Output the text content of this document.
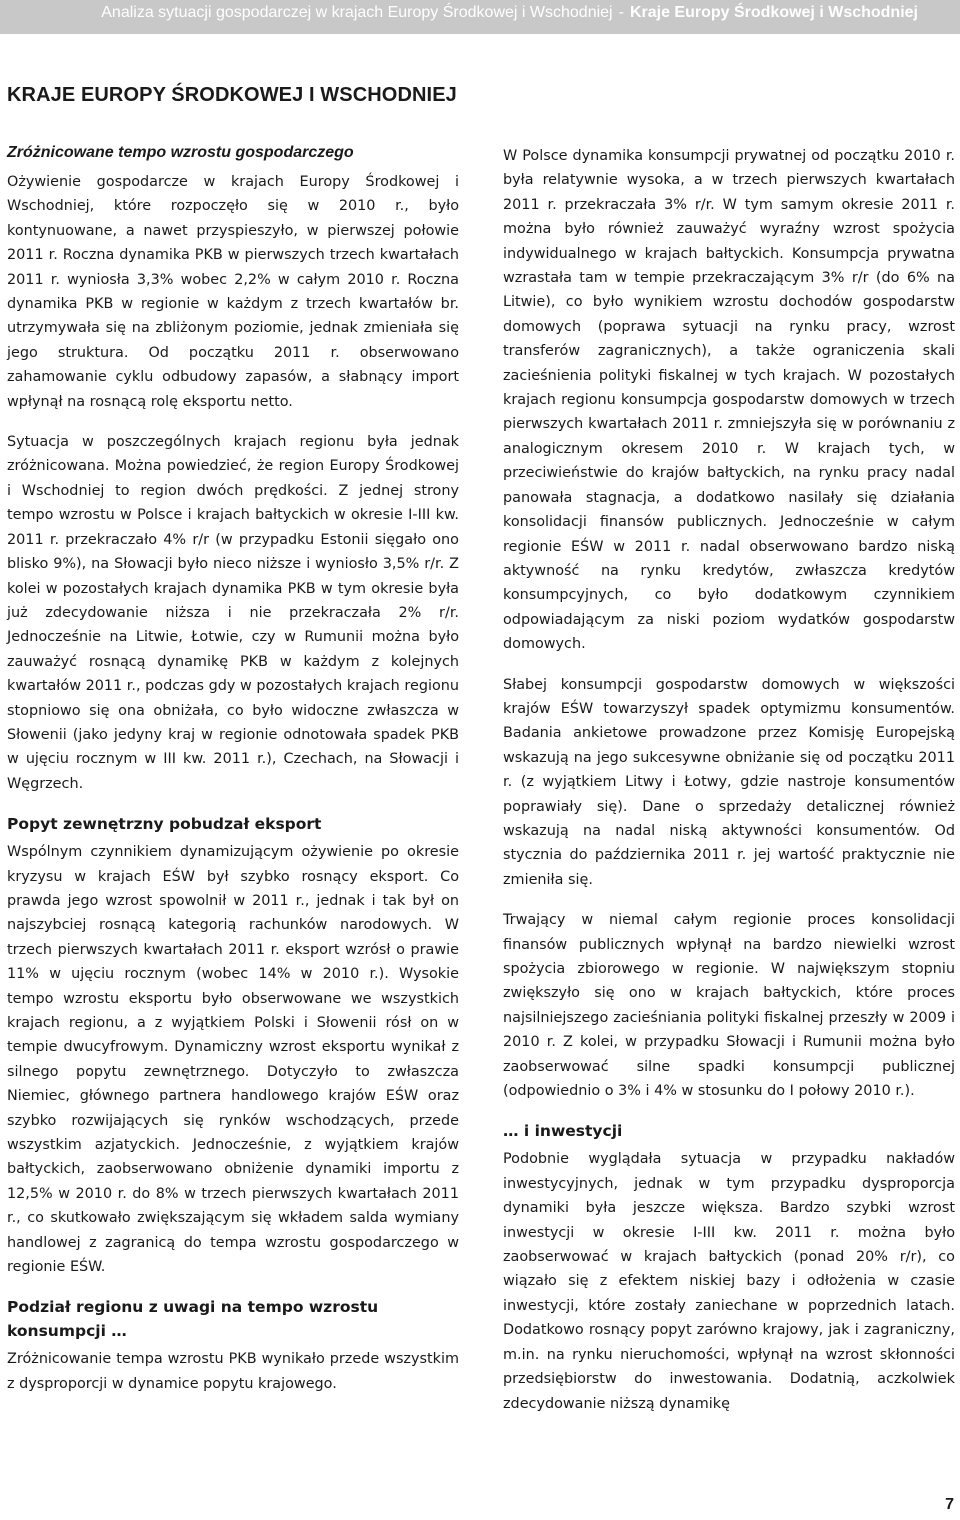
Analiza sytuacji gospodarczej w krajach Europy Środkowej i Wschodniej - Kraje Europy Środkowej i Wschodniej
KRAJE EUROPY ŚRODKOWEJ I WSCHODNIEJ
Zróżnicowane tempo wzrostu gospodarczego

Ożywienie gospodarcze w krajach Europy Środkowej i Wschodniej, które rozpoczęło się w 2010 r., było kontynuowane, a nawet przyspieszyło, w pierwszej połowie 2011 r. Roczna dynamika PKB w pierwszych trzech kwartałach 2011 r. wyniosła 3,3% wobec 2,2% w całym 2010 r. Roczna dynamika PKB w regionie w każdym z trzech kwartałów br. utrzymywała się na zbliżonym poziomie, jednak zmieniała się jego struktura. Od początku 2011 r. obserwowano zahamowanie cyklu odbudowy zapasów, a słabnący import wpłynął na rosnącą rolę eksportu netto.

Sytuacja w poszczególnych krajach regionu była jednak zróżnicowana. Można powiedzieć, że region Europy Środkowej i Wschodniej to region dwóch prędkości. Z jednej strony tempo wzrostu w Polsce i krajach bałtyckich w okresie I-III kw. 2011 r. przekraczało 4% r/r (w przypadku Estonii sięgało ono blisko 9%), na Słowacji było nieco niższe i wyniosło 3,5% r/r. Z kolei w pozostałych krajach dynamika PKB w tym okresie była już zdecydowanie niższa i nie przekraczała 2% r/r. Jednocześnie na Litwie, Łotwie, czy w Rumunii można było zauważyć rosnącą dynamikę PKB w każdym z kolejnych kwartałów 2011 r., podczas gdy w pozostałych krajach regionu stopniowo się ona obniżała, co było widoczne zwłaszcza w Słowenii (jako jedyny kraj w regionie odnotowała spadek PKB w ujęciu rocznym w III kw. 2011 r.), Czechach, na Słowacji i Węgrzech.

Popyt zewnętrzny pobudzał eksport

Wspólnym czynnikiem dynamizującym ożywienie po okresie kryzysu w krajach EŚW był szybko rosnący eksport. Co prawda jego wzrost spowolnił w 2011 r., jednak i tak był on najszybciej rosnącą kategorią rachunków narodowych. W trzech pierwszych kwartałach 2011 r. eksport wzrósł o prawie 11% w ujęciu rocznym (wobec 14% w 2010 r.). Wysokie tempo wzrostu eksportu było obserwowane we wszystkich krajach regionu, a z wyjątkiem Polski i Słowenii rósł on w tempie dwucyfrowym. Dynamiczny wzrost eksportu wynikał z silnego popytu zewnętrznego. Dotyczyło to zwłaszcza Niemiec, głównego partnera handlowego krajów EŚW oraz szybko rozwijających się rynków wschodzących, przede wszystkim azjatyckich. Jednocześnie, z wyjątkiem krajów bałtyckich, zaobserwowano obniżenie dynamiki importu z 12,5% w 2010 r. do 8% w trzech pierwszych kwartałach 2011 r., co skutkowało zwiększającym się wkładem salda wymiany handlowej z zagranicą do tempa wzrostu gospodarczego w regionie EŚW.

Podział regionu z uwagi na tempo wzrostu konsumpcji …

Zróżnicowanie tempa wzrostu PKB wynikało przede wszystkim z dysproporcji w dynamice popytu krajowego.

W Polsce dynamika konsumpcji prywatnej od początku 2010 r. była relatywnie wysoka, a w trzech pierwszych kwartałach 2011 r. przekraczała 3% r/r. W tym samym okresie 2011 r. można było również zauważyć wyraźny wzrost spożycia indywidualnego w krajach bałtyckich. Konsumpcja prywatna wzrastała tam w tempie przekraczającym 3% r/r (do 6% na Litwie), co było wynikiem wzrostu dochodów gospodarstw domowych (poprawa sytuacji na rynku pracy, wzrost transferów zagranicznych), a także ograniczenia skali zacieśnienia polityki fiskalnej w tych krajach. W pozostałych krajach regionu konsumpcja gospodarstw domowych w trzech pierwszych kwartałach 2011 r. zmniejszyła się w porównaniu z analogicznym okresem 2010 r. W krajach tych, w przeciwieństwie do krajów bałtyckich, na rynku pracy nadal panowała stagnacja, a dodatkowo nasilały się działania konsolidacji finansów publicznych. Jednocześnie w całym regionie EŚW w 2011 r. nadal obserwowano bardzo niską aktywność na rynku kredytów, zwłaszcza kredytów konsumpcyjnych, co było dodatkowym czynnikiem odpowiadającym za niski poziom wydatków gospodarstw domowych.

Słabej konsumpcji gospodarstw domowych w większości krajów EŚW towarzyszył spadek optymizmu konsumentów. Badania ankietowe prowadzone przez Komisję Europejską wskazują na jego sukcesywne obniżanie się od początku 2011 r. (z wyjątkiem Litwy i Łotwy, gdzie nastroje konsumentów poprawiały się). Dane o sprzedaży detalicznej również wskazują na nadal niską aktywności konsumentów. Od stycznia do października 2011 r. jej wartość praktycznie nie zmieniła się.

Trwający w niemal całym regionie proces konsolidacji finansów publicznych wpłynął na bardzo niewielki wzrost spożycia zbiorowego w regionie. W największym stopniu zwiększyło się ono w krajach bałtyckich, które proces najsilniejszego zacieśniania polityki fiskalnej przeszły w 2009 i 2010 r. Z kolei, w przypadku Słowacji i Rumunii można było zaobserwować silne spadki konsumpcji publicznej (odpowiednio o 3% i 4% w stosunku do I połowy 2010 r.).

… i inwestycji

Podobnie wyglądała sytuacja w przypadku nakładów inwestycyjnych, jednak w tym przypadku dysproporcja dynamiki była jeszcze większa. Bardzo szybki wzrost inwestycji w okresie I-III kw. 2011 r. można było zaobserwować w krajach bałtyckich (ponad 20% r/r), co wiązało się z efektem niskiej bazy i odłożenia w czasie inwestycji, które zostały zaniechane w poprzednich latach. Dodatkowo rosnący popyt zarówno krajowy, jak i zagraniczny, m.in. na rynku nieruchomości, wpłynął na wzrost skłonności przedsiębiorstw do inwestowania. Dodatnią, aczkolwiek zdecydowanie niższą dynamikę

7
